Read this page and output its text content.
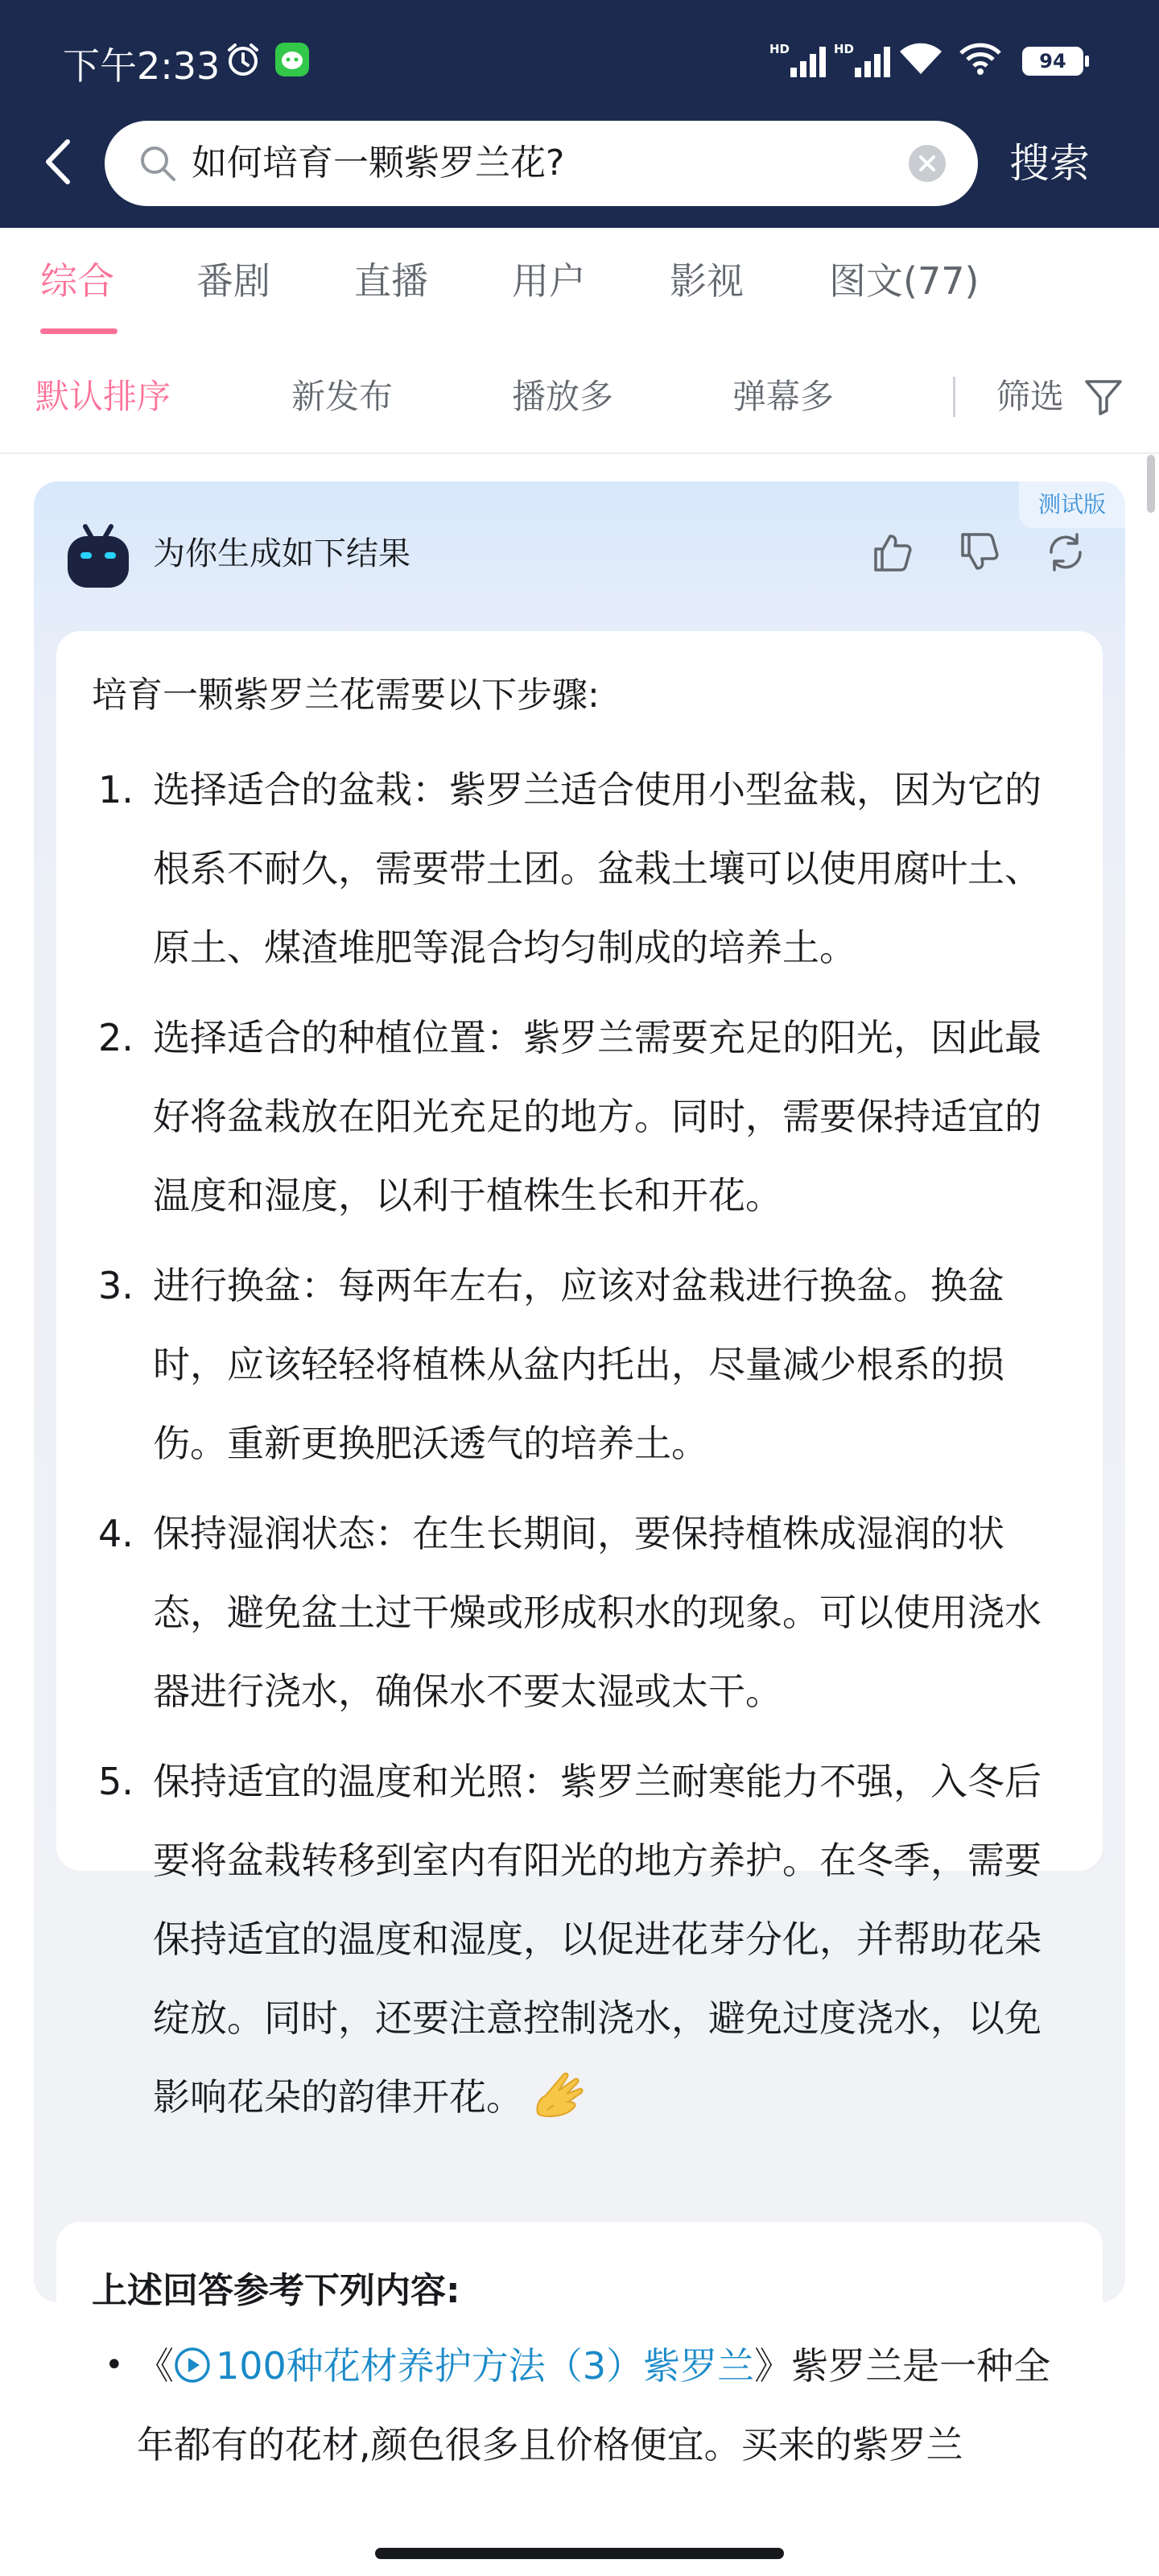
下午2:33	HD	HD
94
如何培育一颗紫罗兰花?	搜索
综合 番剧 直播 用户 影视 图文(77)
默认排序	新发布	播放多	弹幕多	筛选
测试版
为你生成如下结果
培育一颗紫罗兰花需要以下步骤:
1. 选择适合的盆栽：紫罗兰适合使用小型盆栽，因为它的根系不耐久，需要带土团。盆栽土壤可以使用腐叶土、原土、煤渣堆肥等混合均匀制成的培养土。
2. 选择适合的种植位置：紫罗兰需要充足的阳光，因此最好将盆栽放在阳光充足的地方。同时，需要保持适宜的温度和湿度，以利于植株生长和开花。
3. 进行换盆：每两年左右，应该对盆栽进行换盆。换盆时，应该轻轻将植株从盆内托出，尽量减少根系的损伤。重新更换肥沃透气的培养土。
4. 保持湿润状态：在生长期间，要保持植株成湿润的状态，避免盆土过干燥或形成积水的现象。可以使用浇水器进行浇水，确保水不要太湿或太干。
5. 保持适宜的温度和光照：紫罗兰耐寒能力不强，入冬后要将盆栽转移到室内有阳光的地方养护。在冬季，需要保持适宜的温度和湿度，以促进花芽分化，并帮助花朵绽放。同时，还要注意控制浇水，避免过度浇水，以免影响花朵的韵律开花。
上述回答参考下列内容:
• 《 100种花材养护方法（3）紫罗兰》紫罗兰是一种全年都有的花材,颜色很多且价格便宜。买来的紫罗兰
